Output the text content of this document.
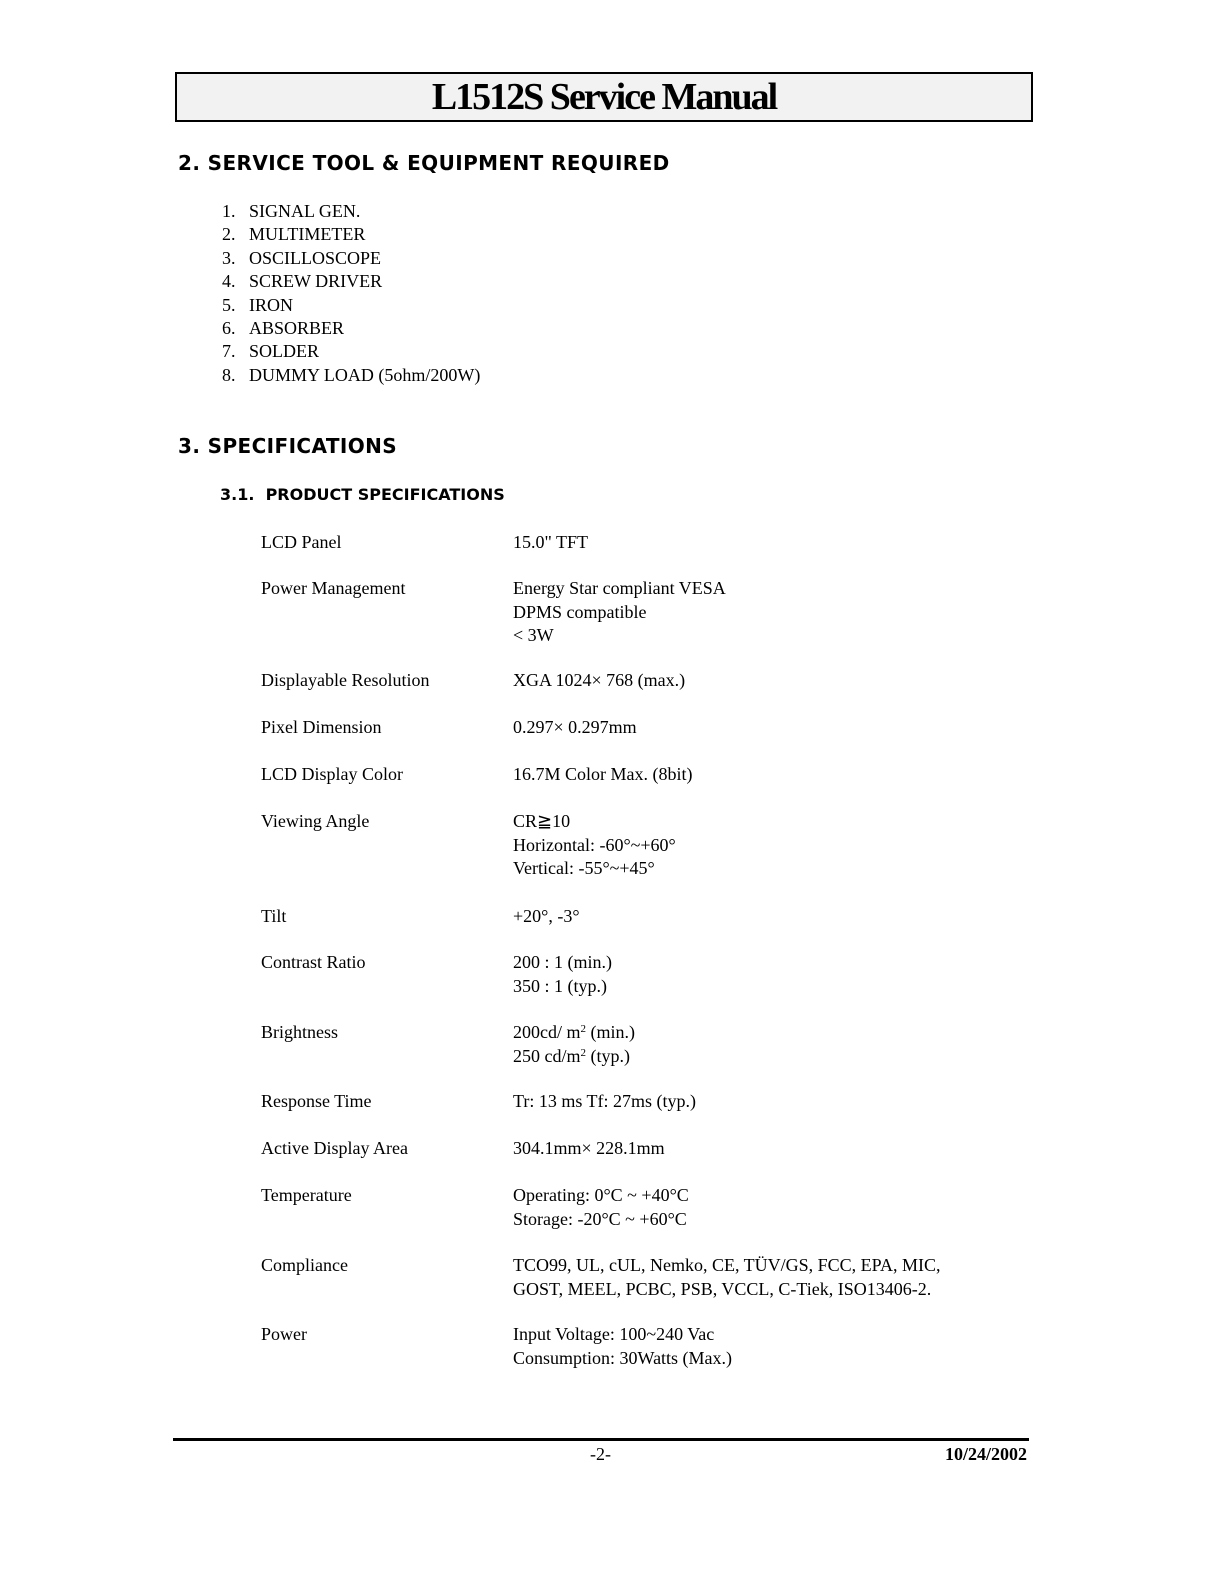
L1512S Service Manual
2. SERVICE TOOL & EQUIPMENT REQUIRED
1. SIGNAL GEN.
2. MULTIMETER
3. OSCILLOSCOPE
4. SCREW DRIVER
5. IRON
6. ABSORBER
7. SOLDER
8. DUMMY LOAD (5ohm/200W)
3. SPECIFICATIONS
3.1.  PRODUCT SPECIFICATIONS
LCD Panel	15.0" TFT
Power Management	Energy Star compliant VESA
DPMS compatible
< 3W
Displayable Resolution	XGA 1024× 768 (max.)
Pixel Dimension	0.297× 0.297mm
LCD Display Color	16.7M Color Max. (8bit)
Viewing Angle	CR≧10
Horizontal: -60°~+60°
Vertical: -55°~+45°
Tilt	+20°, -3°
Contrast Ratio	200 : 1 (min.)
350 : 1 (typ.)
Brightness	200cd/ $m^2$ (min.)
250 $cd/m^2$ (typ.)
Response Time	Tr: 13 ms Tf: 27ms (typ.)
Active Display Area	304.1mm× 228.1mm
Temperature	Operating: 0°C ~ +40°C
Storage: -20°C ~ +60°C
Compliance	TCO99, UL, cUL, Nemko, CE, TÜV/GS, FCC, EPA, MIC,
GOST, MEEL, PCBC, PSB, VCCL, C-Tiek, ISO13406-2.
Power	Input Voltage: 100~240 Vac
Consumption: 30Watts (Max.)
-2-	10/24/2002
